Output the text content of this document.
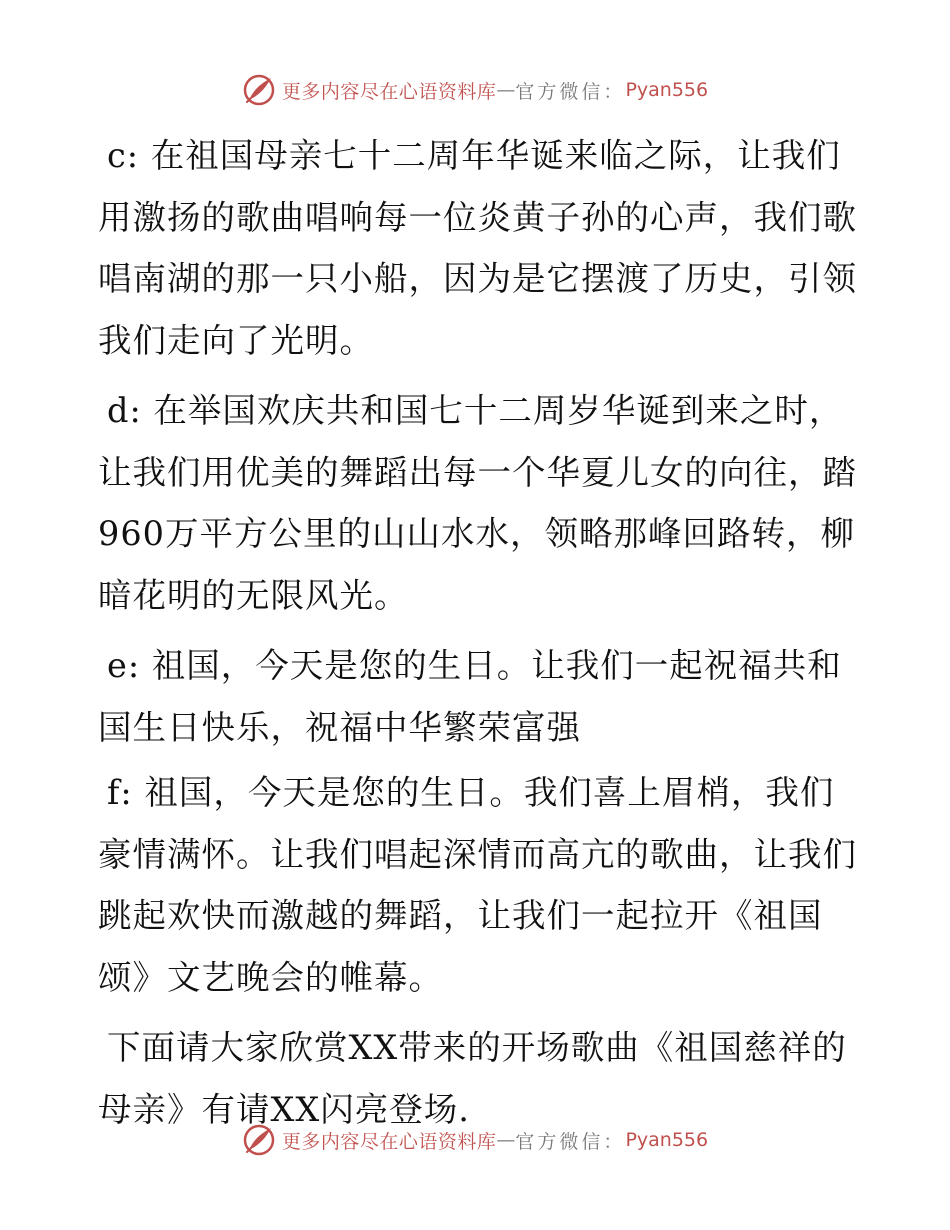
更多内容尽在心语资料库 — 官方微信： Pyan556

c: 在祖国母亲七十二周年华诞来临之际，让我们用激扬的歌曲唱响每一位炎黄子孙的心声，我们歌唱南湖的那一只小船，因为是它摆渡了历史，引领我们走向了光明。

d: 在举国欢庆共和国七十二周岁华诞到来之时，让我们用优美的舞蹈出每一个华夏儿女的向往，踏960万平方公里的山山水水，领略那峰回路转，柳暗花明的无限风光。

e: 祖国，今天是您的生日。让我们一起祝福共和国生日快乐，祝福中华繁荣富强

f: 祖国，今天是您的生日。我们喜上眉梢，我们豪情满怀。让我们唱起深情而高亢的歌曲，让我们跳起欢快而激越的舞蹈，让我们一起拉开《祖国颂》文艺晚会的帷幕。

下面请大家欣赏XX带来的开场歌曲《祖国慈祥的母亲》有请XX闪亮登场.

更多内容尽在心语资料库 — 官方微信： Pyan556
